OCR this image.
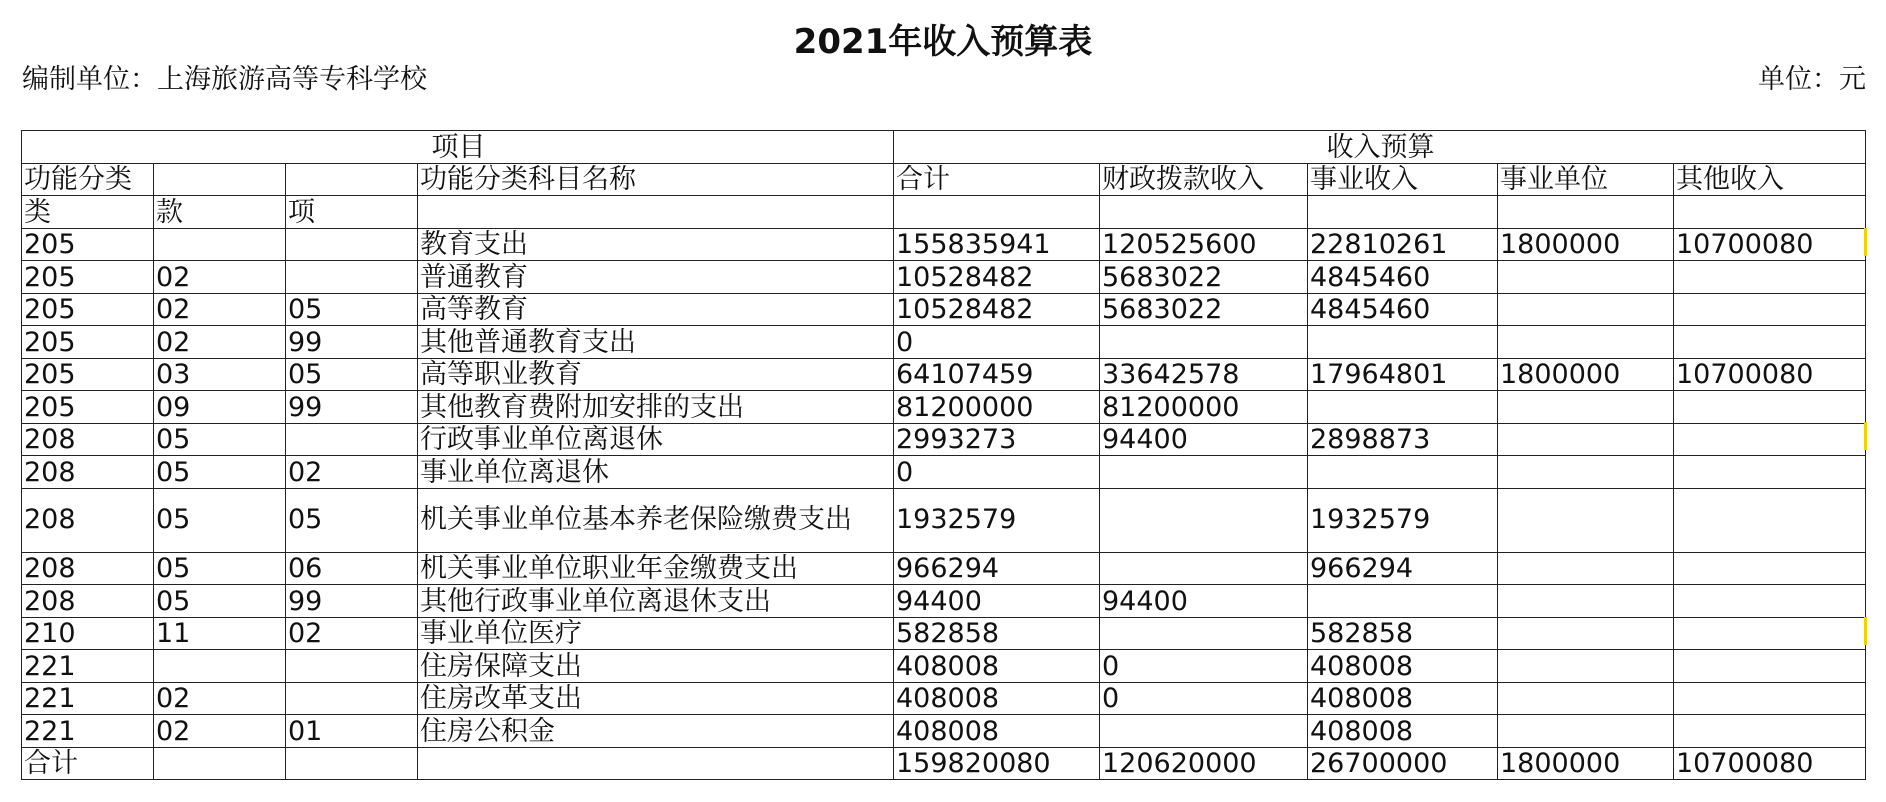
2021年收入预算表
编制单位：上海旅游高等专科学校	单位：元
项目				收入预算				
功能分类			功能分类科目名称	合计	财政拨款收入	事业收入	事业单位	其他收入
类	款	项						
205			教育支出	155835941	120525600	22810261	1800000	10700080
205	02		普通教育	10528482	5683022	4845460		
205	02	05	高等教育	10528482	5683022	4845460		
205	02	99	其他普通教育支出	0				
205	03	05	高等职业教育	64107459	33642578	17964801	1800000	10700080
205	09	99	其他教育费附加安排的支出	81200000	81200000			
208	05		行政事业单位离退休	2993273	94400	2898873		
208	05	02	事业单位离退休	0				
208	05	05	机关事业单位基本养老保险缴费支出	1932579		1932579		
208	05	06	机关事业单位职业年金缴费支出	966294		966294		
208	05	99	其他行政事业单位离退休支出	94400	94400			
210	11	02	事业单位医疗	582858		582858		
221			住房保障支出	408008	0	408008		
221	02		住房改革支出	408008	0	408008		
221	02	01	住房公积金	408008		408008		
合计				159820080	120620000	26700000	1800000	10700080
